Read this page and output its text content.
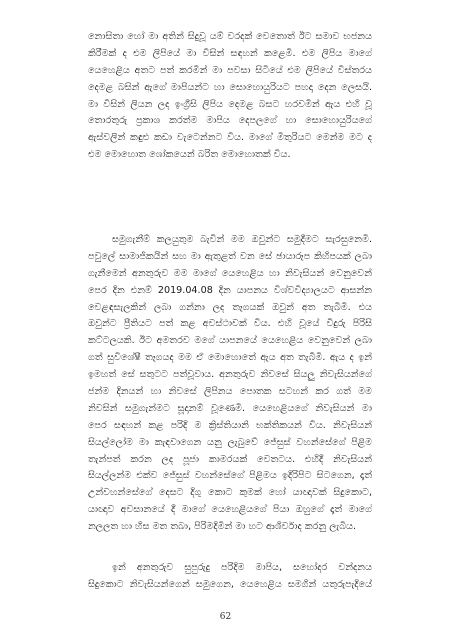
නොසිතා හෝ මා අතින් සිදුවූ යම් වරදක් වෙතොත් ඊට සමාව භජනය
කිරීමක් ද එම ලිපියේ මා විසින් සඳහන් කළෙමි. එම ලිපිය මාගේ
යෙහෙළිය අතට පත් කරමින් මා පවසා සිටියේ එම ලිපියේ විස්තරය
දෙමළ බසින් ඇගේ මාපියන්ට හා සොහොයුරියට පහදා දෙන ලෙසයි.
මා විසින් ලියන ලද ඉංග්‍රීසි ලිපිය දෙමළ බසට හරවමින් ඇය එහි වූ
තොරතුරු ප්‍රකාශ කරත්ම මාපිය දෙපලගේ හා සොහොයුරියගේ
ඇස්වලින් කඳුළු කඩා වැටෙන්නට විය. මාගේ මිතුරියට මෙන්ම මට ද
එම මොහොත ශෝකයෙන් බරිත මොහොතක් විය.
සමුගැනීම් කලයුතුම බැවින් මම ඔවුන්ට සමුදීමට සැරසුනෙමි.
පවුලේ සාමාජිකයින් සහ මා ඇතුළත් වන සේ ඡායාරූප කිහිපයක් ලබා
ගැනීමෙන් අනතුරුව මම මාගේ යෙහෙළිය හා නිවැසියන් වෙනුවෙන්
පෙර දින එනම් 2019.04.08 දින යාපනය විශ්වවිද්‍යාලයට ආසන්න
වෙළඳසැලකින් ලබා ගන්නා ලද තෑගයක් ඔවුන් අත තැබීමි. එය
ඔවුන්ට ප්‍රීතියට පත් කළ අවස්ථාවක් විය. එහි වූයේ වීදුරු පිරිසි
කට්ටලයකි. ඊට අමතරව මගේ යාපනයේ යෙහෙළිය වෙනුවෙන් ලබා
ගත් සුවිශේෂී තෑගයද මම ඒ මොහොතේ ඇය අත තැබීමි. ඇය ද ඉන්
ඉමහත් සේ සතුටට පත්වූවාය. අනතුරුව නිවසේ සියලු නිවැසියන්ගේ
ජන්ම දිනයන් හා නිවසේ ලිපිනය පොතක සටහන් කර ගත් මම
නිවසින් සමුගැන්මට සූදානම් වූණෙමි. යෙහෙළියගේ නිවැසියන් මා
පෙර සඳහන් කළ පරිදි ම ක්‍රිස්තියානි භක්තිකයන් විය. නිවැසියන්
සියල්ලෝම මා කැඳවාගෙන යනු ලැබුවේ ජේසුස් වහන්සේගේ පිළිම
තැන්පත් කරන ලද පූජා කාමරයක් වෙතටය. එහිදී නිවැසියන්
සියල්ලන්ම එක්ව ජේසුස් වහන්සේගේ පිළිමය ඉදිරිපිට සිටගෙන, දෑත්
උන්වහන්සේගේ දෙසට දිගු කොට කුමක් හෝ යාඥාවක් සිදුකොට,
යාඥාව අවසානයේ දී මාගේ යෙහෙළියගේ පියා ඔහුගේ දෑත් මාගේ
නලලත හා හිස මත තබා, පිරිමදිමින් මා හට ආශිර්වාද කරනු ලැබීය.
ඉන් අනතුරුව සුපුරුදු පරිදිම මාපිය, සහෝදර වන්දනය
සිදුකොට නිවැසියන්ගෙන් සමුගෙන, යෙහෙළිය සමගින් යතුරුපැදියේ
62
